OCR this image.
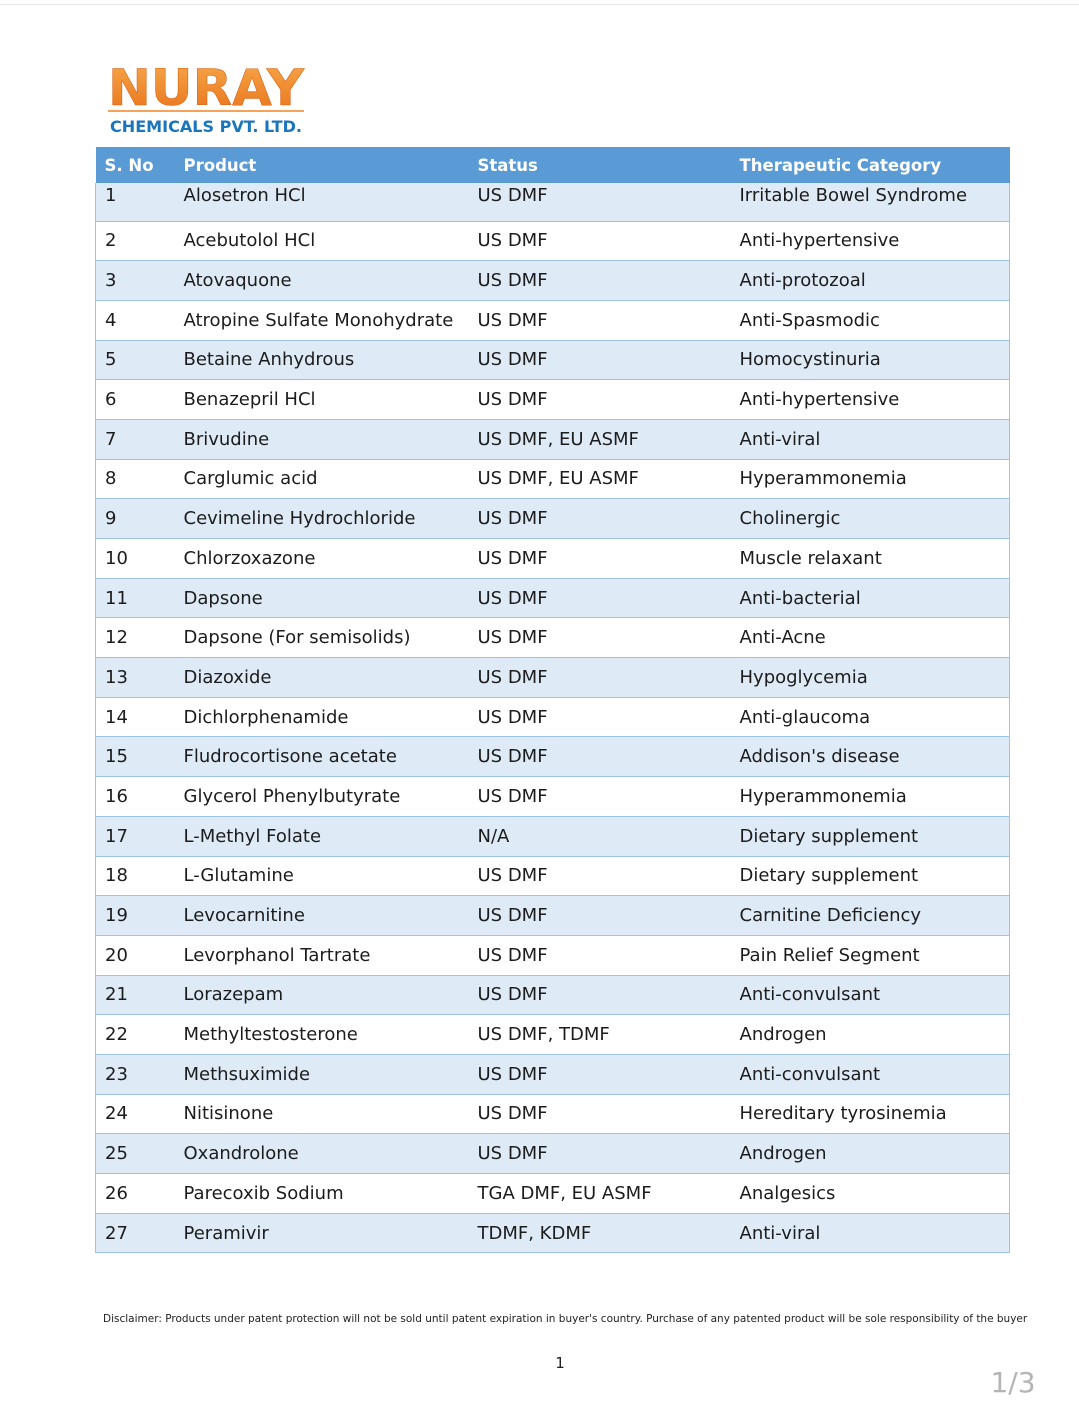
NURAY
CHEMICALS PVT. LTD.
S. No	Product	Status	Therapeutic Category
1	Alosetron HCl	US DMF	Irritable Bowel Syndrome
2	Acebutolol HCl	US DMF	Anti-hypertensive
3	Atovaquone	US DMF	Anti-protozoal
4	Atropine Sulfate Monohydrate	US DMF	Anti-Spasmodic
5	Betaine Anhydrous	US DMF	Homocystinuria
6	Benazepril HCl	US DMF	Anti-hypertensive
7	Brivudine	US DMF, EU ASMF	Anti-viral
8	Carglumic acid	US DMF, EU ASMF	Hyperammonemia
9	Cevimeline Hydrochloride	US DMF	Cholinergic
10	Chlorzoxazone	US DMF	Muscle relaxant
11	Dapsone	US DMF	Anti-bacterial
12	Dapsone (For semisolids)	US DMF	Anti-Acne
13	Diazoxide	US DMF	Hypoglycemia
14	Dichlorphenamide	US DMF	Anti-glaucoma
15	Fludrocortisone acetate	US DMF	Addison's disease
16	Glycerol Phenylbutyrate	US DMF	Hyperammonemia
17	L-Methyl Folate	N/A	Dietary supplement
18	L-Glutamine	US DMF	Dietary supplement
19	Levocarnitine	US DMF	Carnitine Deficiency
20	Levorphanol Tartrate	US DMF	Pain Relief Segment
21	Lorazepam	US DMF	Anti-convulsant
22	Methyltestosterone	US DMF, TDMF	Androgen
23	Methsuximide	US DMF	Anti-convulsant
24	Nitisinone	US DMF	Hereditary tyrosinemia
25	Oxandrolone	US DMF	Androgen
26	Parecoxib Sodium	TGA DMF, EU ASMF	Analgesics
27	Peramivir	TDMF, KDMF	Anti-viral
Disclaimer: Products under patent protection will not be sold until patent expiration in buyer's country. Purchase of any patented product will be sole responsibility of the buyer
1
1/3
